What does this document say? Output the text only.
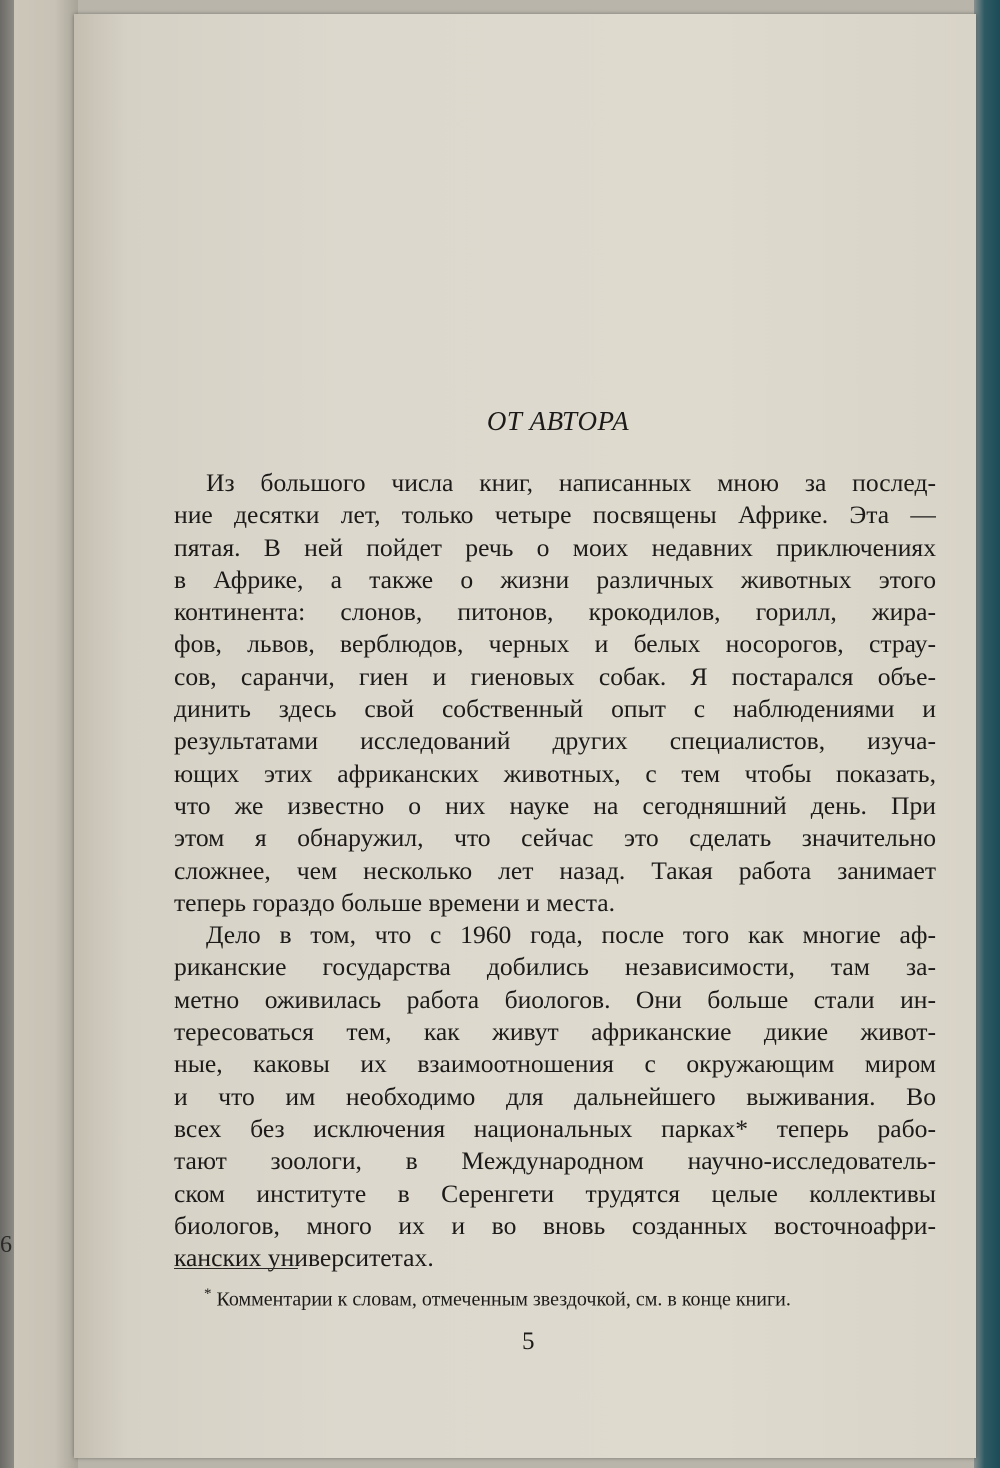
6
ОТ АВТОРА
Из большого числа книг, написанных мною за послед-
ние десятки лет, только четыре посвящены Африке. Эта —
пятая. В ней пойдет речь о моих недавних приключениях
в Африке, а также о жизни различных животных этого
континента: слонов, питонов, крокодилов, горилл, жира-
фов, львов, верблюдов, черных и белых носорогов, страу-
сов, саранчи, гиен и гиеновых собак. Я постарался объе-
динить здесь свой собственный опыт с наблюдениями и
результатами исследований других специалистов, изуча-
ющих этих африканских животных, с тем чтобы показать,
что же известно о них науке на сегодняшний день. При
этом я обнаружил, что сейчас это сделать значительно
сложнее, чем несколько лет назад. Такая работа занимает
теперь гораздо больше времени и места.
Дело в том, что с 1960 года, после того как многие аф-
риканские государства добились независимости, там за-
метно оживилась работа биологов. Они больше стали ин-
тересоваться тем, как живут африканские дикие живот-
ные, каковы их взаимоотношения с окружающим миром
и что им необходимо для дальнейшего выживания. Во
всех без исключения национальных парках* теперь рабо-
тают зоологи, в Международном научно-исследователь-
ском институте в Серенгети трудятся целые коллективы
биологов, много их и во вновь созданных восточноафри-
канских университетах.
* Комментарии к словам, отмеченным звездочкой, см. в конце книги.
5
